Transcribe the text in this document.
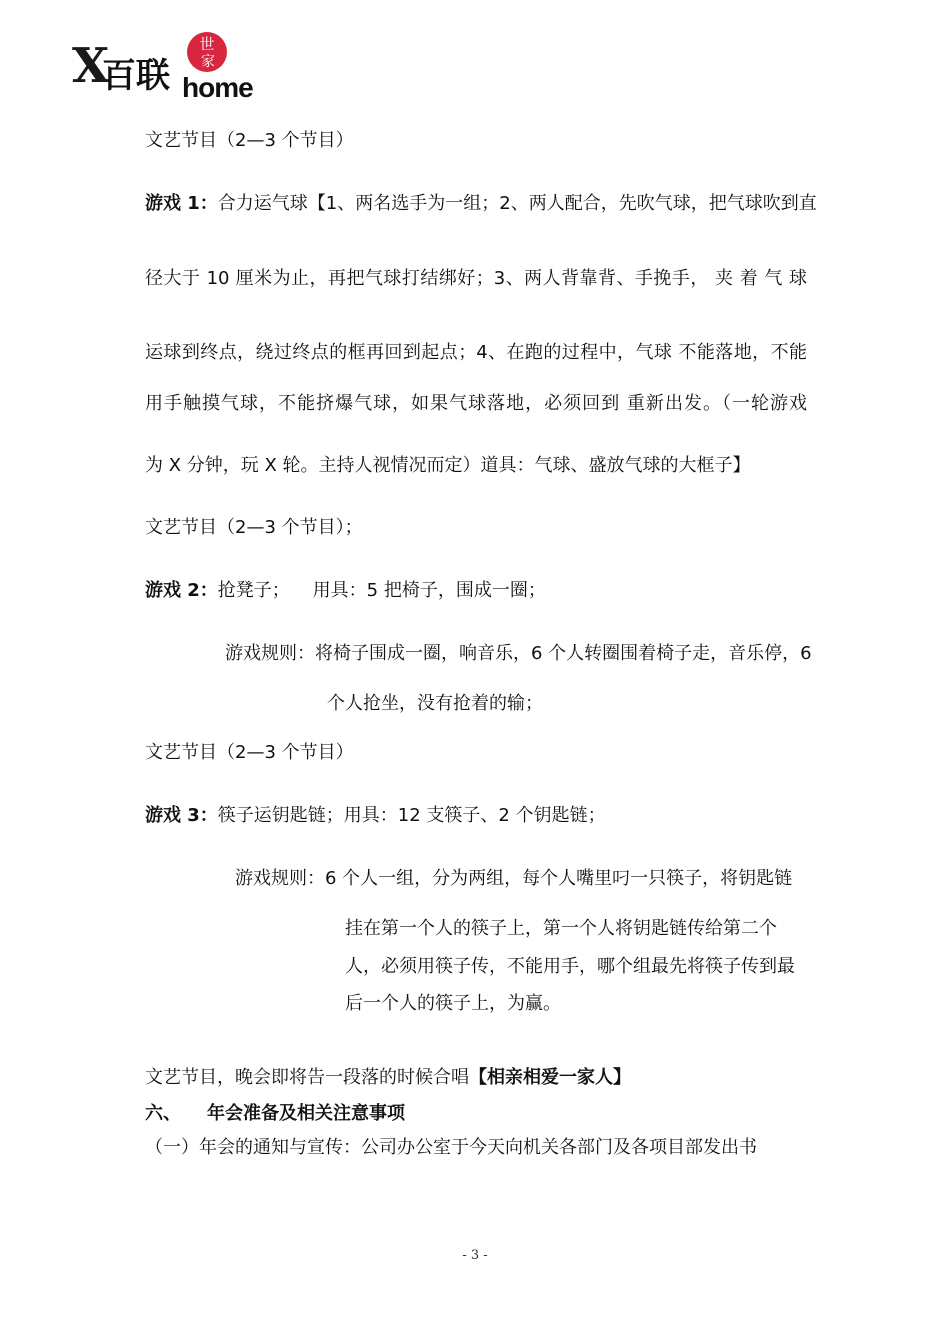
X
百联
世
家
home
文艺节目（2—3 个节目）
游戏 1：合力运气球【1、两名选手为一组；2、两人配合，先吹气球，把气球吹到直
径大于 10 厘米为止，再把气球打结绑好；3、两人背靠背、手挽手， 夹 着 气 球
运球到终点，绕过终点的框再回到起点；4、在跑的过程中，气球 不能落地，不能
用手触摸气球，不能挤爆气球，如果气球落地，必须回到 重新出发。（一轮游戏
为 X 分钟，玩 X 轮。主持人视情况而定）道具：气球、盛放气球的大框子】
文艺节目（2—3 个节目）；
游戏 2：抢凳子；    用具：5 把椅子，围成一圈；
游戏规则：将椅子围成一圈，响音乐，6 个人转圈围着椅子走，音乐停，6
个人抢坐，没有抢着的输；
文艺节目（2—3 个节目）
游戏 3：筷子运钥匙链；用具：12 支筷子、2 个钥匙链；
游戏规则：6 个人一组，分为两组，每个人嘴里叼一只筷子，将钥匙链
挂在第一个人的筷子上，第一个人将钥匙链传给第二个
人，必须用筷子传，不能用手，哪个组最先将筷子传到最
后一个人的筷子上，为赢。
文艺节目，晚会即将告一段落的时候合唱【相亲相爱一家人】
六、 年会准备及相关注意事项
（一）年会的通知与宣传：公司办公室于今天向机关各部门及各项目部发出书
- 3 -
